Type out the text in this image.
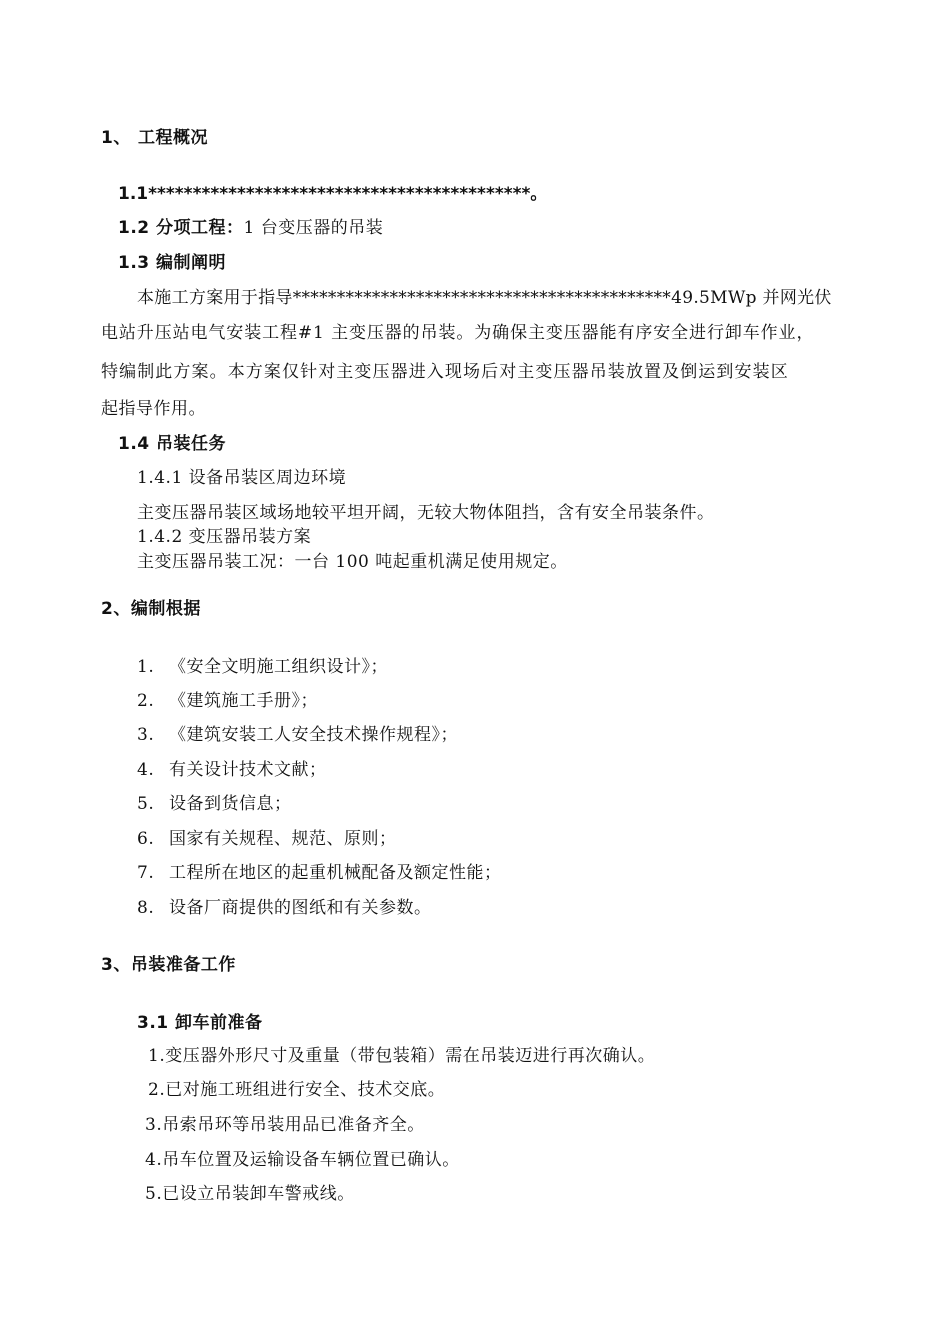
1、 工程概况
1.1*******************************************。
1.2 分项工程：1 台变压器的吊装
1.3 编制阐明
本施工方案用于指导*******************************************49.5MWp 并网光伏
电站升压站电气安装工程#1 主变压器的吊装。为确保主变压器能有序安全进行卸车作业，
特编制此方案。本方案仅针对主变压器进入现场后对主变压器吊装放置及倒运到安装区
起指导作用。
1.4 吊装任务
1.4.1 设备吊装区周边环境
主变压器吊装区域场地较平坦开阔，无较大物体阻挡，含有安全吊装条件。
1.4.2 变压器吊装方案
主变压器吊装工况：一台 100 吨起重机满足使用规定。
2、编制根据
1. 《安全文明施工组织设计》；
2. 《建筑施工手册》；
3. 《建筑安装工人安全技术操作规程》；
4. 有关设计技术文献；
5. 设备到货信息；
6. 国家有关规程、规范、原则；
7. 工程所在地区的起重机械配备及额定性能；
8. 设备厂商提供的图纸和有关参数。
3、吊装准备工作
3.1 卸车前准备
1.变压器外形尺寸及重量（带包装箱）需在吊装迈进行再次确认。
2.已对施工班组进行安全、技术交底。
3.吊索吊环等吊装用品已准备齐全。
4.吊车位置及运输设备车辆位置已确认。
5.已设立吊装卸车警戒线。
